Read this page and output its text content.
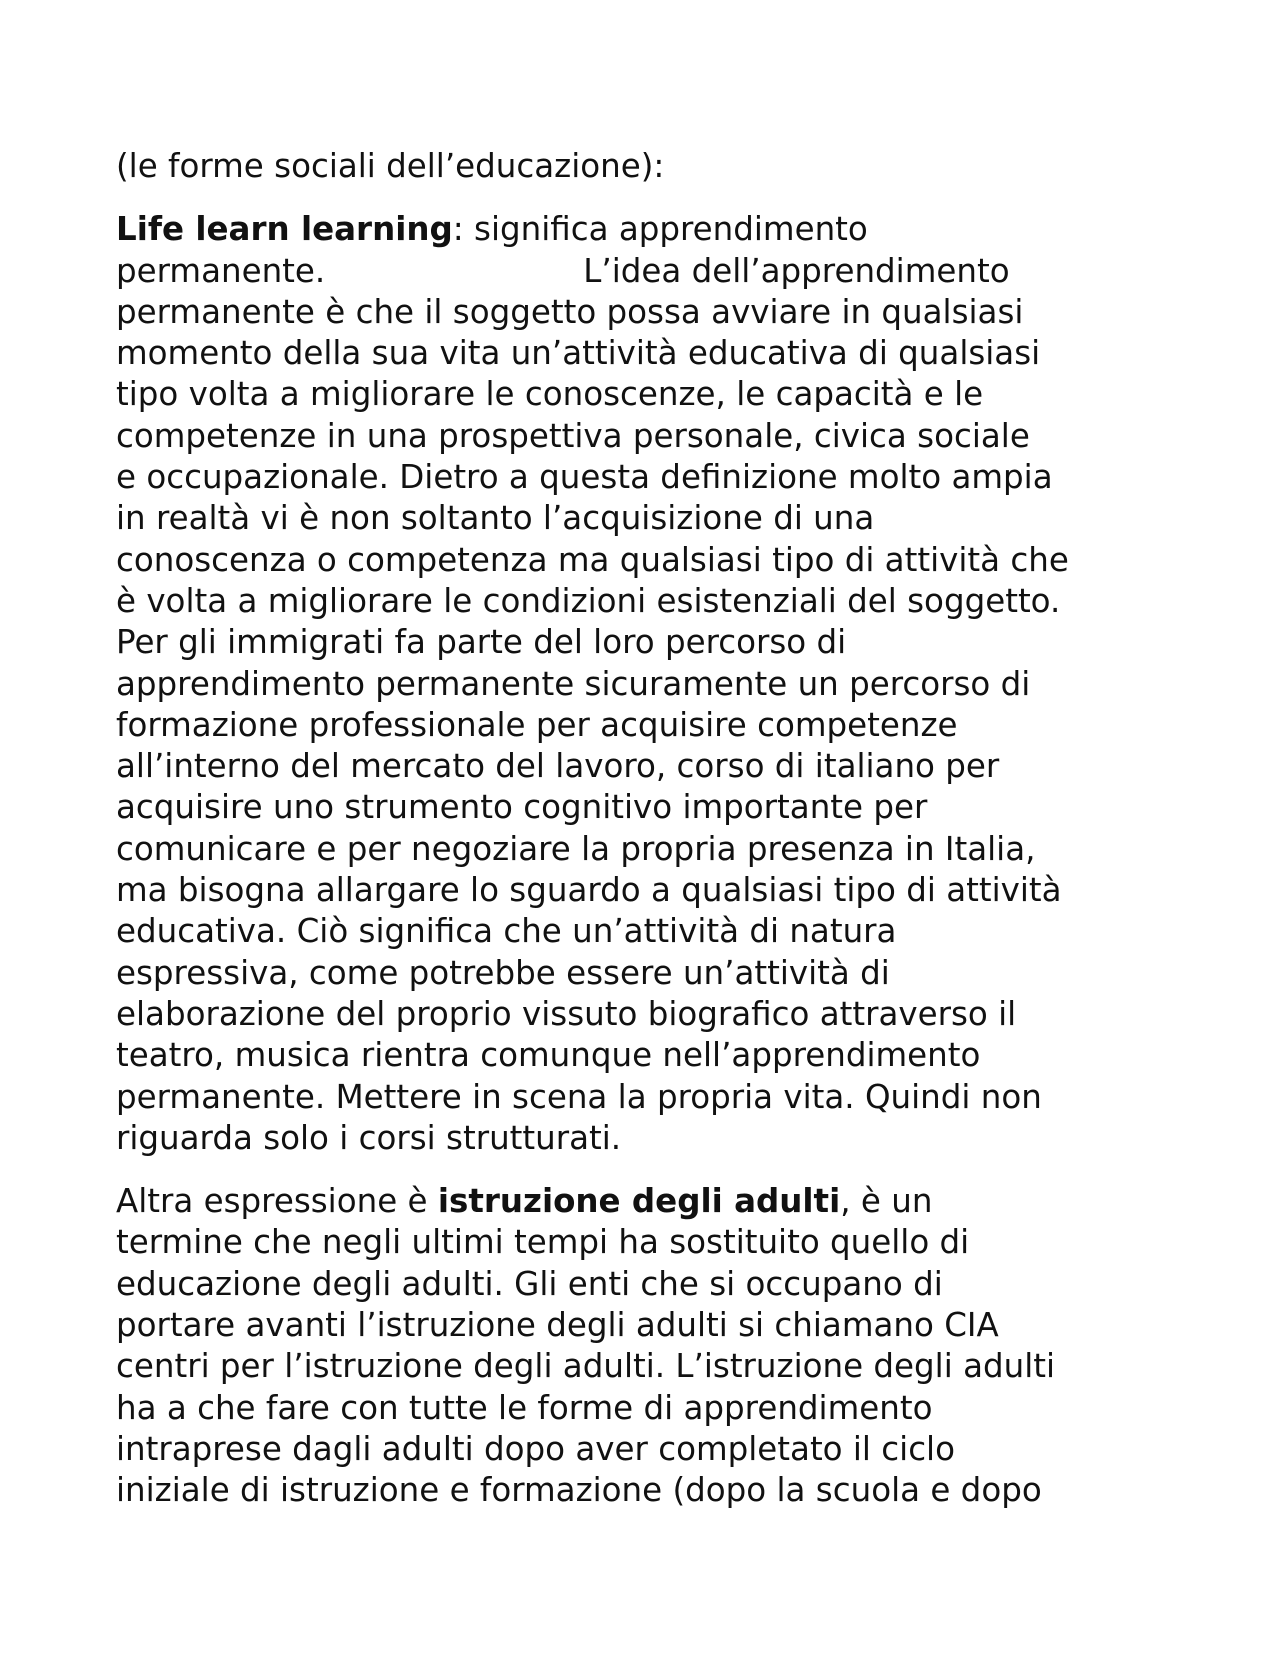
(le forme sociali dell’educazione):

Life learn learning: significa apprendimento
permanente.	L’idea dell’apprendimento
permanente è che il soggetto possa avviare in qualsiasi
momento della sua vita un’attività educativa di qualsiasi
tipo volta a migliorare le conoscenze, le capacità e le
competenze in una prospettiva personale, civica sociale
e occupazionale. Dietro a questa definizione molto ampia
in realtà vi è non soltanto l’acquisizione di una
conoscenza o competenza ma qualsiasi tipo di attività che
è volta a migliorare le condizioni esistenziali del soggetto.
Per gli immigrati fa parte del loro percorso di
apprendimento permanente sicuramente un percorso di
formazione professionale per acquisire competenze
all’interno del mercato del lavoro, corso di italiano per
acquisire uno strumento cognitivo importante per
comunicare e per negoziare la propria presenza in Italia,
ma bisogna allargare lo sguardo a qualsiasi tipo di attività
educativa. Ciò significa che un’attività di natura
espressiva, come potrebbe essere un’attività di
elaborazione del proprio vissuto biografico attraverso il
teatro, musica rientra comunque nell’apprendimento
permanente. Mettere in scena la propria vita. Quindi non
riguarda solo i corsi strutturati.

Altra espressione è istruzione degli adulti, è un
termine che negli ultimi tempi ha sostituito quello di
educazione degli adulti. Gli enti che si occupano di
portare avanti l’istruzione degli adulti si chiamano CIA
centri per l’istruzione degli adulti. L’istruzione degli adulti
ha a che fare con tutte le forme di apprendimento
intraprese dagli adulti dopo aver completato il ciclo
iniziale di istruzione e formazione (dopo la scuola e dopo
